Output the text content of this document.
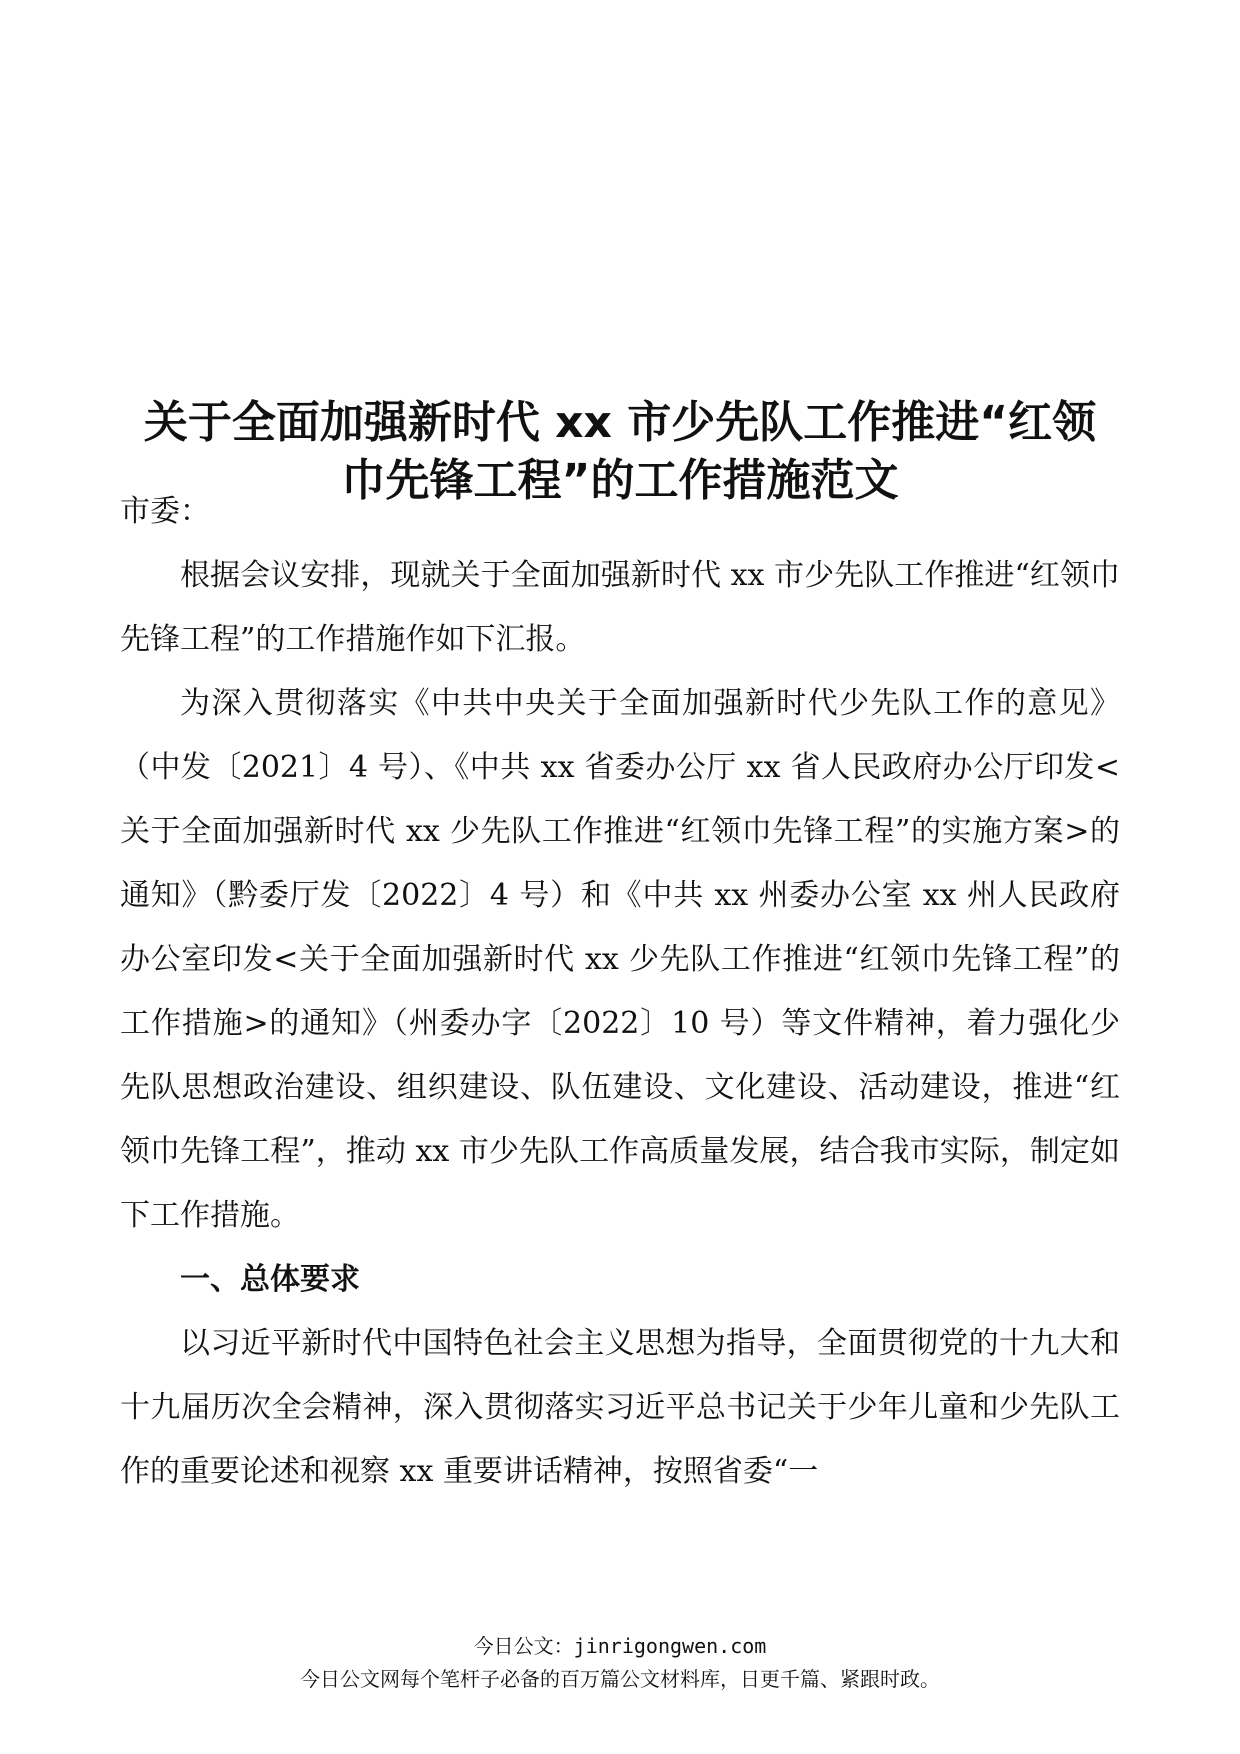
关于全面加强新时代 xx 市少先队工作推进“红领
巾先锋工程”的工作措施范文

市委：

根据会议安排，现就关于全面加强新时代 xx 市少先队工作推进“红领巾先锋工程”的工作措施作如下汇报。

为深入贯彻落实《中共中央关于全面加强新时代少先队工作的意见》（中发〔2021〕4 号）、《中共 xx 省委办公厅 xx 省人民政府办公厅印发<关于全面加强新时代 xx 少先队工作推进“红领巾先锋工程”的实施方案>的通知》（黔委厅发〔2022〕4 号）和《中共 xx 州委办公室 xx 州人民政府办公室印发<关于全面加强新时代 xx 少先队工作推进“红领巾先锋工程”的工作措施>的通知》（州委办字〔2022〕10 号）等文件精神，着力强化少先队思想政治建设、组织建设、队伍建设、文化建设、活动建设，推进“红领巾先锋工程”，推动 xx 市少先队工作高质量发展，结合我市实际，制定如下工作措施。

一、总体要求

以习近平新时代中国特色社会主义思想为指导，全面贯彻党的十九大和十九届历次全会精神，深入贯彻落实习近平总书记关于少年儿童和少先队工作的重要论述和视察 xx 重要讲话精神，按照省委“一

今日公文：jinrigongwen.com
今日公文网每个笔杆子必备的百万篇公文材料库，日更千篇、紧跟时政。
